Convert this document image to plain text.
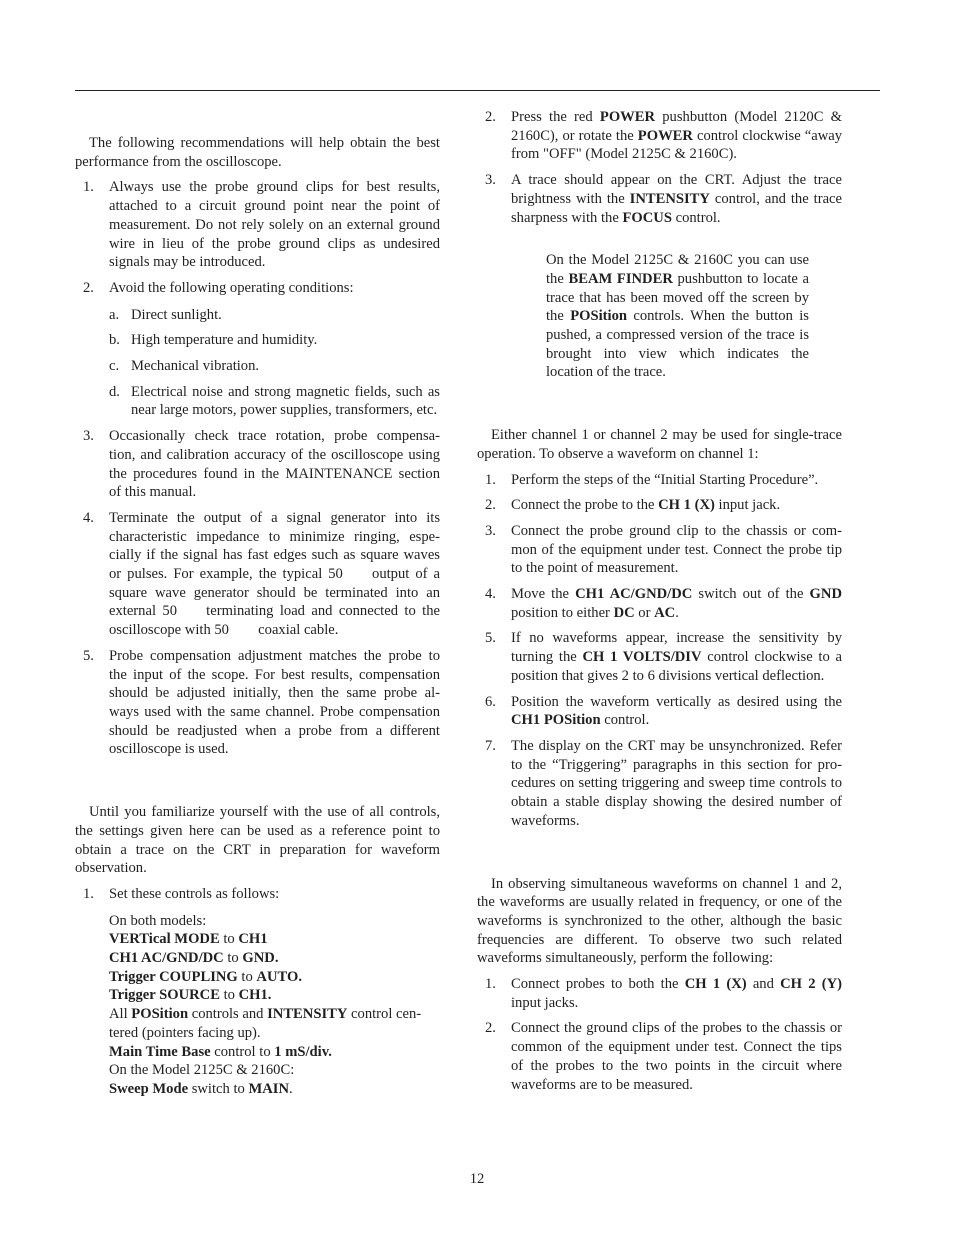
The following recommendations will help obtain the best performance from the oscilloscope.

1. Always use the probe ground clips for best results, attached to a circuit ground point near the point of measurement. Do not rely solely on an external ground wire in lieu of the probe ground clips as undesired signals may be introduced.
2. Avoid the following operating conditions:
a. Direct sunlight.
b. High temperature and humidity.
c. Mechanical vibration.
d. Electrical noise and strong magnetic fields, such as near large motors, power supplies, transformers, etc.
3. Occasionally check trace rotation, probe compensa- tion, and calibration accuracy of the oscilloscope using the procedures found in the MAINTENANCE section of this manual.
4. Terminate the output of a signal generator into its characteristic impedance to minimize ringing, espe- cially if the signal has fast edges such as square waves or pulses. For example, the typical 50  output of a square wave generator should be terminated into an external 50  terminating load and connected to the oscilloscope with 50  coaxial cable.
5. Probe compensation adjustment matches the probe to the input of the scope. For best results, compensation should be adjusted initially, then the same probe al- ways used with the same channel. Probe compensation should be readjusted when a probe from a different oscilloscope is used.

Until you familiarize yourself with the use of all controls, the settings given here can be used as a reference point to obtain a trace on the CRT in preparation for waveform observation.

1. Set these controls as follows:
On both models:
VERTical MODE to CH1
CH1 AC/GND/DC to GND.
Trigger COUPLING to AUTO.
Trigger SOURCE to CH1.
All POSition controls and INTENSITY control cen- tered (pointers facing up).
Main Time Base control to 1 mS/div.
On the Model 2125C & 2160C:
Sweep Mode switch to MAIN.
2. Press the red POWER pushbutton (Model 2120C & 2160C), or rotate the POWER control clockwise “away from "OFF" (Model 2125C & 2160C).
3. A trace should appear on the CRT. Adjust the trace brightness with the INTENSITY control, and the trace sharpness with the FOCUS control.

On the Model 2125C & 2160C you can use the BEAM FINDER pushbutton to locate a trace that has been moved off the screen by the POSition controls. When the button is pushed, a compressed version of the trace is brought into view which indicates the location of the trace.

Either channel 1 or channel 2 may be used for single-trace operation. To observe a waveform on channel 1:

1. Perform the steps of the “Initial Starting Procedure”.
2. Connect the probe to the CH 1 (X) input jack.
3. Connect the probe ground clip to the chassis or com- mon of the equipment under test. Connect the probe tip to the point of measurement.
4. Move the CH1 AC/GND/DC switch out of the GND position to either DC or AC.
5. If no waveforms appear, increase the sensitivity by turning the CH 1 VOLTS/DIV control clockwise to a position that gives 2 to 6 divisions vertical deflection.
6. Position the waveform vertically as desired using the CH1 POSition control.
7. The display on the CRT may be unsynchronized. Refer to the “Triggering” paragraphs in this section for pro- cedures on setting triggering and sweep time controls to obtain a stable display showing the desired number of waveforms.

In observing simultaneous waveforms on channel 1 and 2, the waveforms are usually related in frequency, or one of the waveforms is synchronized to the other, although the basic frequencies are different. To observe two such related waveforms simultaneously, perform the following:

1. Connect probes to both the CH 1 (X) and CH 2 (Y) input jacks.
2. Connect the ground clips of the probes to the chassis or common of the equipment under test. Connect the tips of the probes to the two points in the circuit where waveforms are to be measured.
12
